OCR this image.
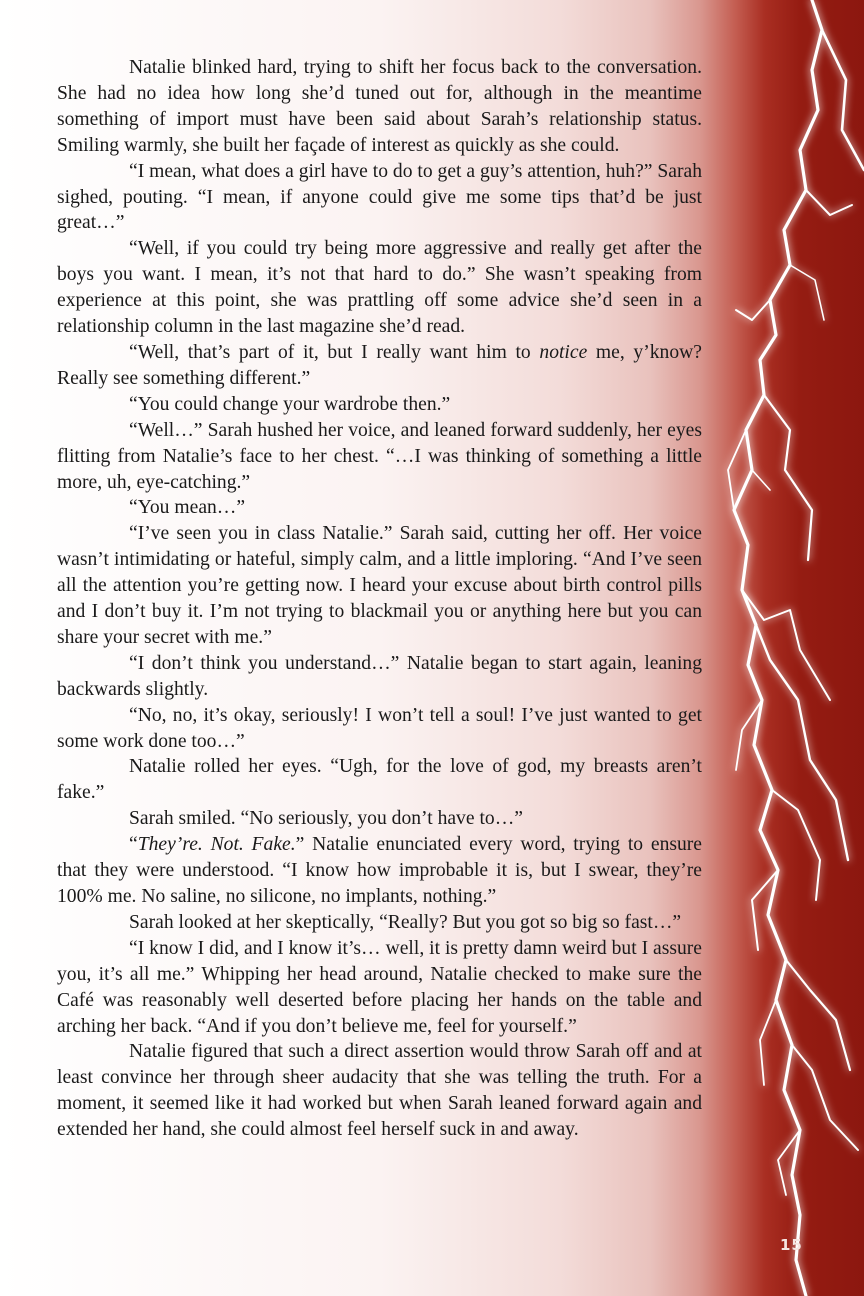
Natalie blinked hard, trying to shift her focus back to the conversation. She had no idea how long she’d tuned out for, although in the meantime something of import must have been said about Sarah’s relationship status. Smiling warmly, she built her façade of interest as quickly as she could.

“I mean, what does a girl have to do to get a guy’s attention, huh?” Sarah sighed, pouting. “I mean, if anyone could give me some tips that’d be just great…”

“Well, if you could try being more aggressive and really get after the boys you want. I mean, it’s not that hard to do.” She wasn’t speaking from experience at this point, she was prattling off some advice she’d seen in a relationship column in the last magazine she’d read.

“Well, that’s part of it, but I really want him to notice me, y’know? Really see something different.”

“You could change your wardrobe then.”

“Well…” Sarah hushed her voice, and leaned forward suddenly, her eyes flitting from Natalie’s face to her chest. “…I was thinking of something a little more, uh, eye-catching.”

“You mean…”

“I’ve seen you in class Natalie.” Sarah said, cutting her off. Her voice wasn’t intimidating or hateful, simply calm, and a little imploring. “And I’ve seen all the attention you’re getting now. I heard your excuse about birth control pills and I don’t buy it. I’m not trying to blackmail you or anything here but you can share your secret with me.”

“I don’t think you understand…” Natalie began to start again, leaning backwards slightly.

“No, no, it’s okay, seriously! I won’t tell a soul! I’ve just wanted to get some work done too…”

Natalie rolled her eyes. “Ugh, for the love of god, my breasts aren’t fake.”

Sarah smiled. “No seriously, you don’t have to…”

“They’re. Not. Fake.” Natalie enunciated every word, trying to ensure that they were understood. “I know how improbable it is, but I swear, they’re 100% me. No saline, no silicone, no implants, nothing.”

Sarah looked at her skeptically, “Really? But you got so big so fast…”

“I know I did, and I know it’s… well, it is pretty damn weird but I assure you, it’s all me.” Whipping her head around, Natalie checked to make sure the Café was reasonably well deserted before placing her hands on the table and arching her back. “And if you don’t believe me, feel for yourself.”

Natalie figured that such a direct assertion would throw Sarah off and at least convince her through sheer audacity that she was telling the truth. For a moment, it seemed like it had worked but when Sarah leaned forward again and extended her hand, she could almost feel herself suck in and away.

15
